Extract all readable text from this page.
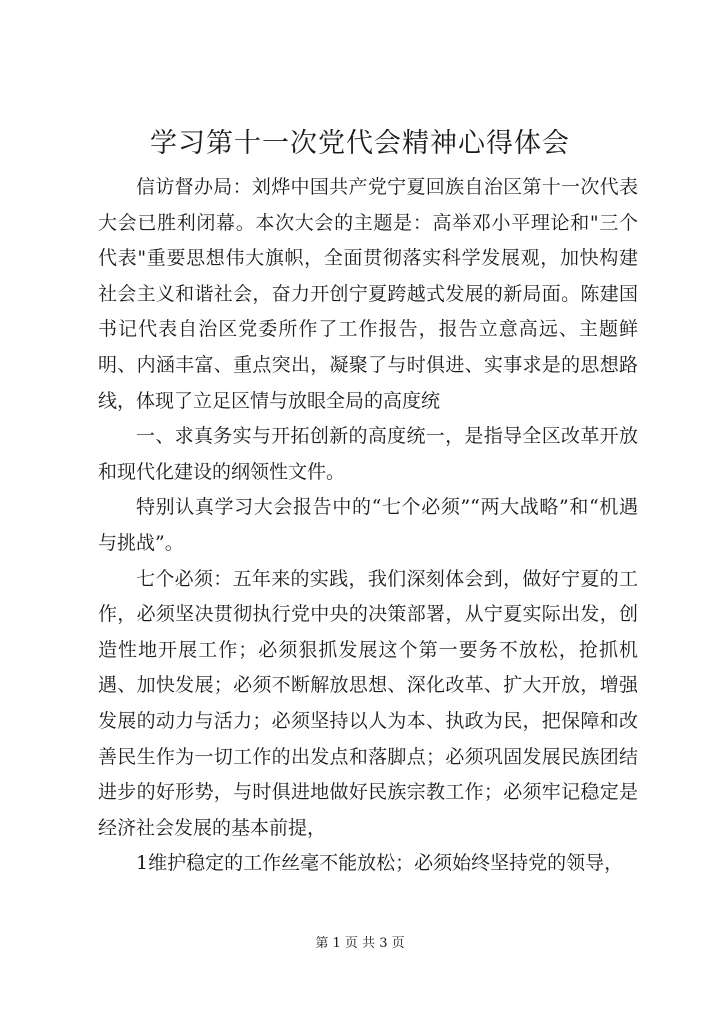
学习第十一次党代会精神心得体会

信访督办局：刘烨中国共产党宁夏回族自治区第十一次代表大会已胜利闭幕。本次大会的主题是：高举邓小平理论和"三个代表"重要思想伟大旗帜，全面贯彻落实科学发展观，加快构建社会主义和谐社会，奋力开创宁夏跨越式发展的新局面。陈建国书记代表自治区党委所作了工作报告，报告立意高远、主题鲜明、内涵丰富、重点突出，凝聚了与时俱进、实事求是的思想路线，体现了立足区情与放眼全局的高度统

一、求真务实与开拓创新的高度统一，是指导全区改革开放和现代化建设的纲领性文件。

特别认真学习大会报告中的“七个必须”“两大战略”和“机遇与挑战”。

七个必须：五年来的实践，我们深刻体会到，做好宁夏的工作，必须坚决贯彻执行党中央的决策部署，从宁夏实际出发，创造性地开展工作；必须狠抓发展这个第一要务不放松，抢抓机遇、加快发展；必须不断解放思想、深化改革、扩大开放，增强发展的动力与活力；必须坚持以人为本、执政为民，把保障和改善民生作为一切工作的出发点和落脚点；必须巩固发展民族团结进步的好形势，与时俱进地做好民族宗教工作；必须牢记稳定是经济社会发展的基本前提，

1维护稳定的工作丝毫不能放松；必须始终坚持党的领导，

第 1 页 共 3 页
